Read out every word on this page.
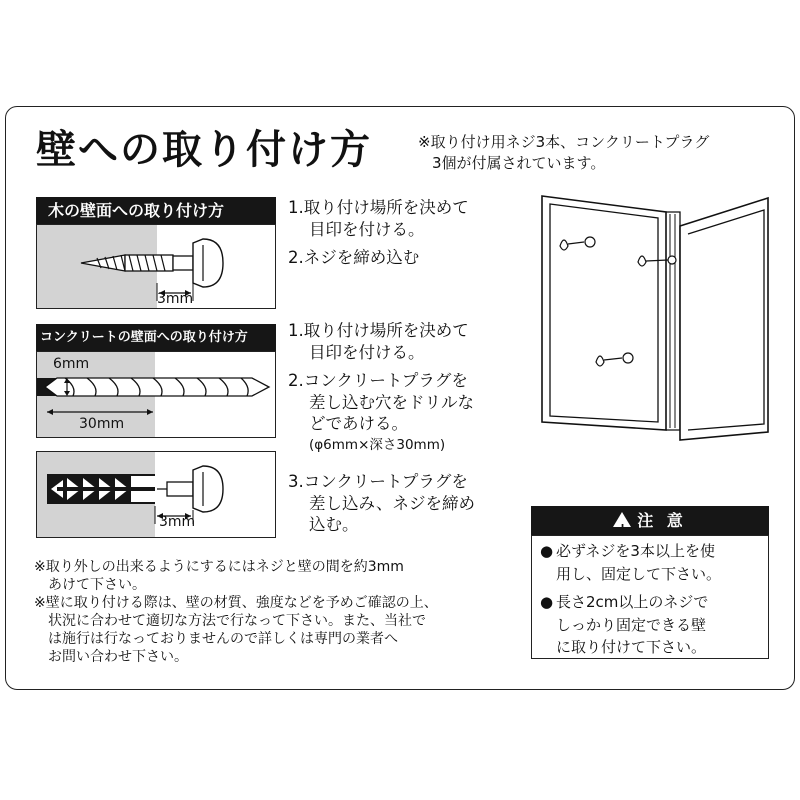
壁への取り付け方	※取り付け用ネジ3本、コンクリートプラグ
3個が付属されています。
木の壁面への取り付け方
3mm
1.取り付け場所を決めて
目印を付ける。
2.ネジを締め込む
コンクリートの壁面への取り付け方
6mm
30mm
3mm
1.取り付け場所を決めて
目印を付ける。
2.コンクリートプラグを
差し込む穴をドリルな
どであける。
(φ6mm×深さ30mm)
3.コンクリートプラグを
差し込み、ネジを締め
込む。
!	注 意
● 必ずネジを3本以上を使
用し、固定して下さい。
● 長さ2cm以上のネジで
しっかり固定できる壁
に取り付けて下さい。
※取り外しの出来るようにするにはネジと壁の間を約3mm
あけて下さい。
※壁に取り付ける際は、壁の材質、強度などを予めご確認の上、
状況に合わせて適切な方法で行なって下さい。また、当社で
は施行は行なっておりませんので詳しくは専門の業者へ
お問い合わせ下さい。
